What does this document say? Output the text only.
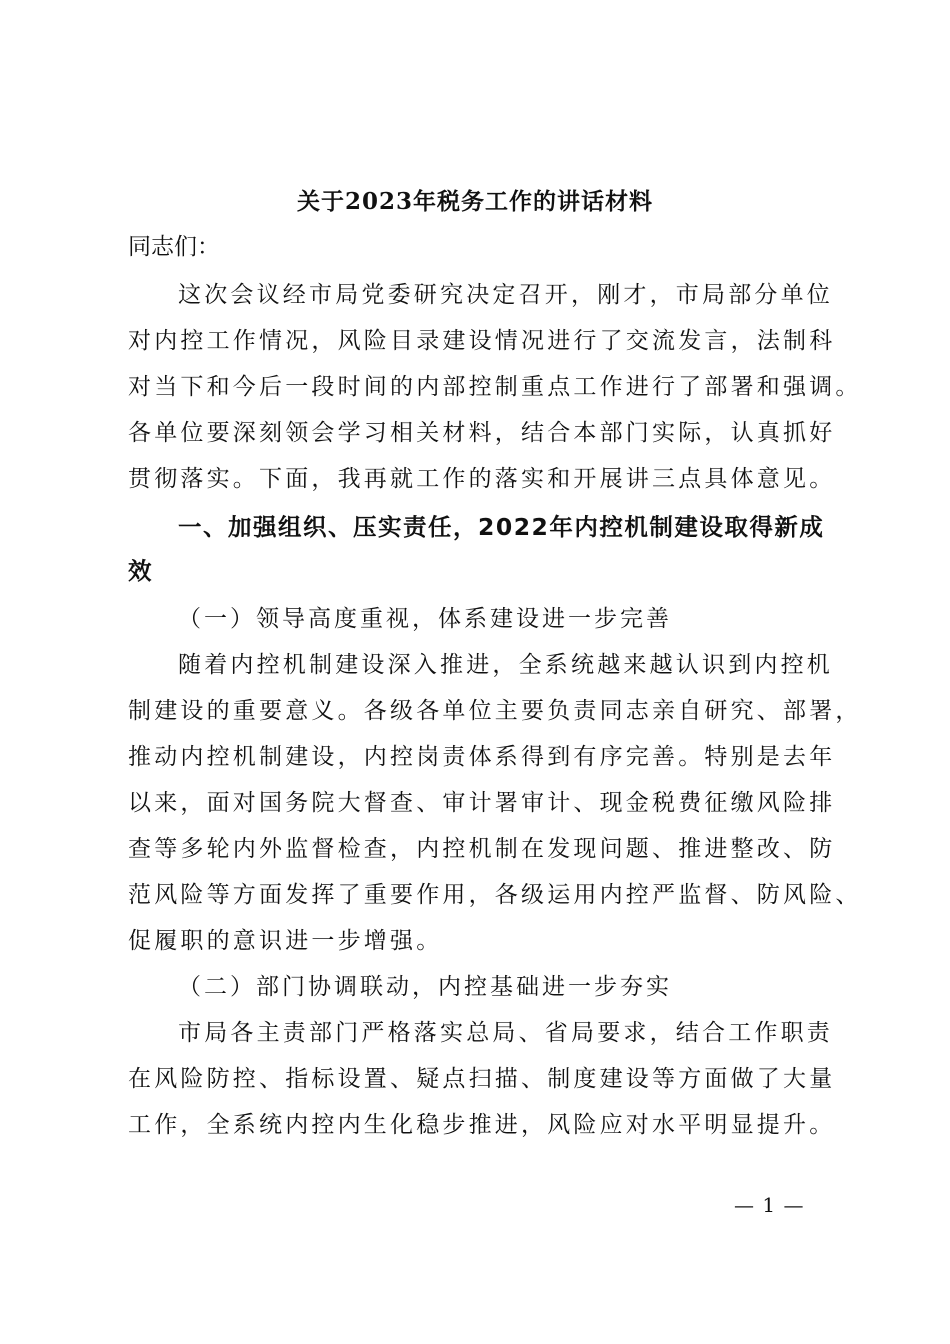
关于2023年税务工作的讲话材料
同志们：
这次会议经市局党委研究决定召开，刚才，市局部分单位
对内控工作情况，风险目录建设情况进行了交流发言，法制科
对当下和今后一段时间的内部控制重点工作进行了部署和强调。
各单位要深刻领会学习相关材料，结合本部门实际，认真抓好
贯彻落实。下面，我再就工作的落实和开展讲三点具体意见。
一、加强组织、压实责任，2022年内控机制建设取得新成
效
（一）领导高度重视，体系建设进一步完善
随着内控机制建设深入推进，全系统越来越认识到内控机
制建设的重要意义。各级各单位主要负责同志亲自研究、部署，
推动内控机制建设，内控岗责体系得到有序完善。特别是去年
以来，面对国务院大督查、审计署审计、现金税费征缴风险排
查等多轮内外监督检查，内控机制在发现问题、推进整改、防
范风险等方面发挥了重要作用，各级运用内控严监督、防风险、
促履职的意识进一步增强。
（二）部门协调联动，内控基础进一步夯实
市局各主责部门严格落实总局、省局要求，结合工作职责
在风险防控、指标设置、疑点扫描、制度建设等方面做了大量
工作，全系统内控内生化稳步推进，风险应对水平明显提升。
— 1 —
